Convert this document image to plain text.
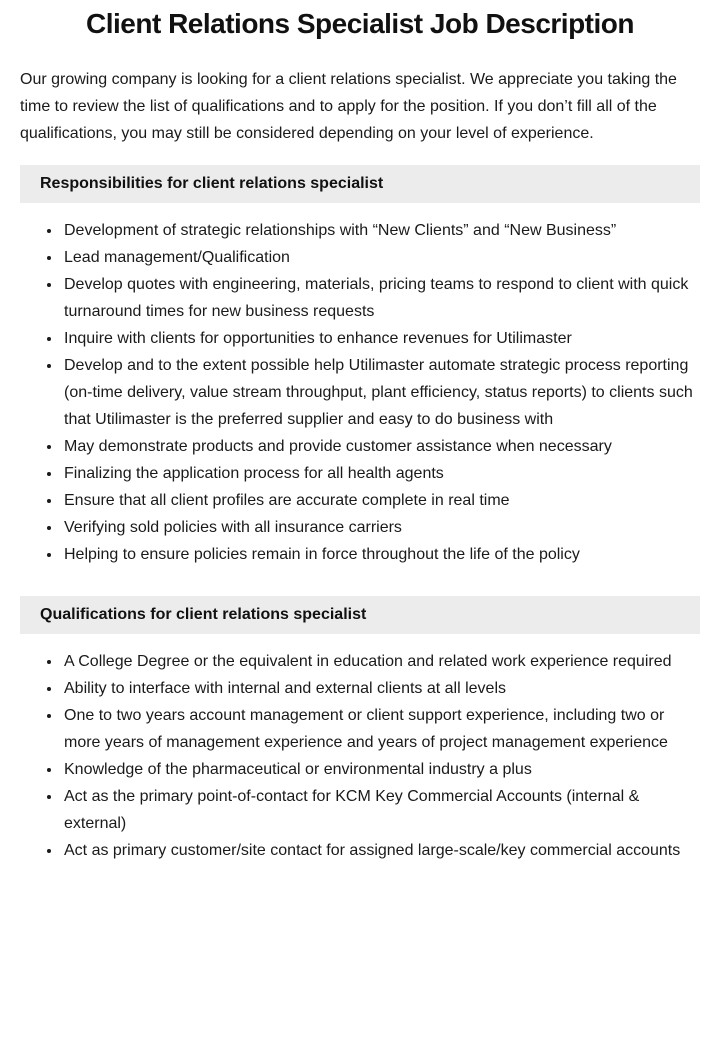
Client Relations Specialist Job Description

Our growing company is looking for a client relations specialist. We appreciate you taking the time to review the list of qualifications and to apply for the position. If you don’t fill all of the qualifications, you may still be considered depending on your level of experience.

Responsibilities for client relations specialist
• Development of strategic relationships with “New Clients” and “New Business”
• Lead management/Qualification
• Develop quotes with engineering, materials, pricing teams to respond to client with quick turnaround times for new business requests
• Inquire with clients for opportunities to enhance revenues for Utilimaster
• Develop and to the extent possible help Utilimaster automate strategic process reporting (on-time delivery, value stream throughput, plant efficiency, status reports) to clients such that Utilimaster is the preferred supplier and easy to do business with
• May demonstrate products and provide customer assistance when necessary
• Finalizing the application process for all health agents
• Ensure that all client profiles are accurate complete in real time
• Verifying sold policies with all insurance carriers
• Helping to ensure policies remain in force throughout the life of the policy
Qualifications for client relations specialist
• A College Degree or the equivalent in education and related work experience required
• Ability to interface with internal and external clients at all levels
• One to two years account management or client support experience, including two or more years of management experience and years of project management experience
• Knowledge of the pharmaceutical or environmental industry a plus
• Act as the primary point-of-contact for KCM Key Commercial Accounts (internal & external)
• Act as primary customer/site contact for assigned large-scale/key commercial accounts
